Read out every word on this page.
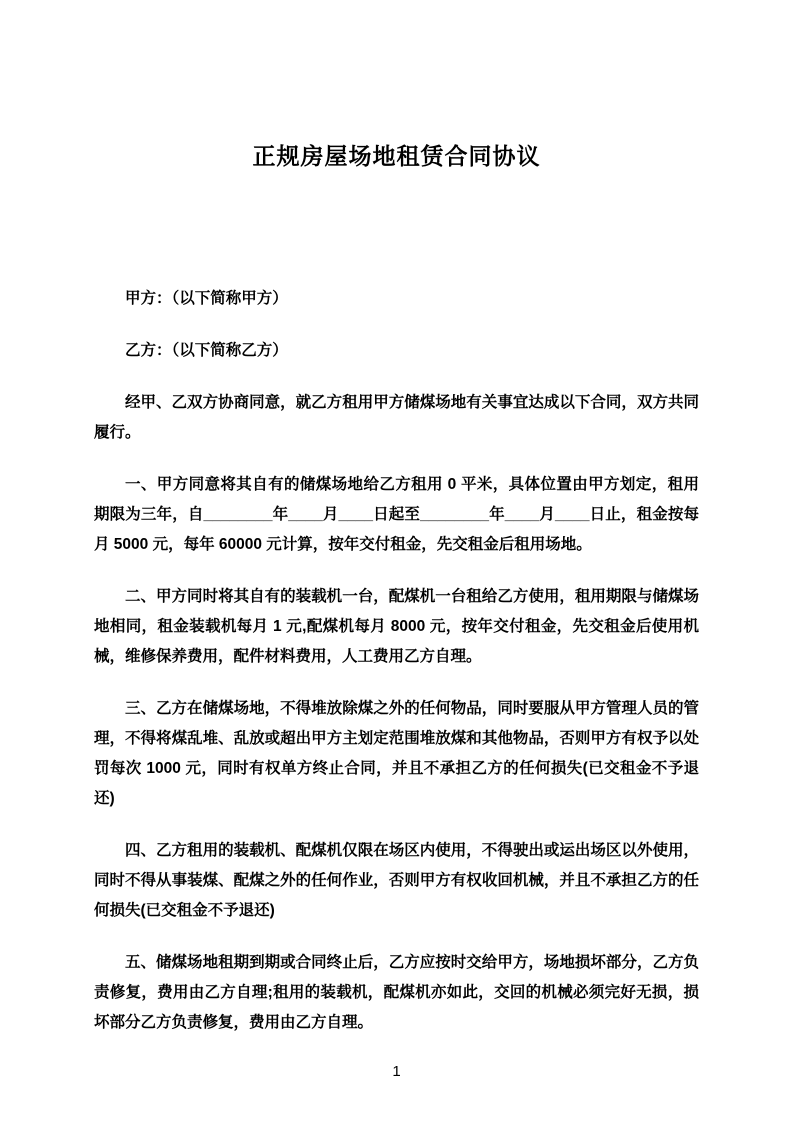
正规房屋场地租赁合同协议

甲方：（以下简称甲方）

乙方：（以下简称乙方）

经甲、乙双方协商同意，就乙方租用甲方储煤场地有关事宜达成以下合同，双方共同履行。

一、甲方同意将其自有的储煤场地给乙方租用 0 平米，具体位置由甲方划定，租用期限为三年，自________年____月____日起至________年____月____日止，租金按每月 5000 元，每年 60000 元计算，按年交付租金，先交租金后租用场地。

二、甲方同时将其自有的装载机一台，配煤机一台租给乙方使用，租用期限与储煤场地相同，租金装载机每月 1 元,配煤机每月 8000 元，按年交付租金，先交租金后使用机械，维修保养费用，配件材料费用，人工费用乙方自理。

三、乙方在储煤场地，不得堆放除煤之外的任何物品，同时要服从甲方管理人员的管理，不得将煤乱堆、乱放或超出甲方主划定范围堆放煤和其他物品，否则甲方有权予以处罚每次 1000 元，同时有权单方终止合同，并且不承担乙方的任何损失(已交租金不予退还)

四、乙方租用的装载机、配煤机仅限在场区内使用，不得驶出或运出场区以外使用，同时不得从事装煤、配煤之外的任何作业，否则甲方有权收回机械，并且不承担乙方的任何损失(已交租金不予退还)

五、储煤场地租期到期或合同终止后，乙方应按时交给甲方，场地损坏部分，乙方负责修复，费用由乙方自理;租用的装载机，配煤机亦如此，交回的机械必须完好无损，损坏部分乙方负责修复，费用由乙方自理。

1
